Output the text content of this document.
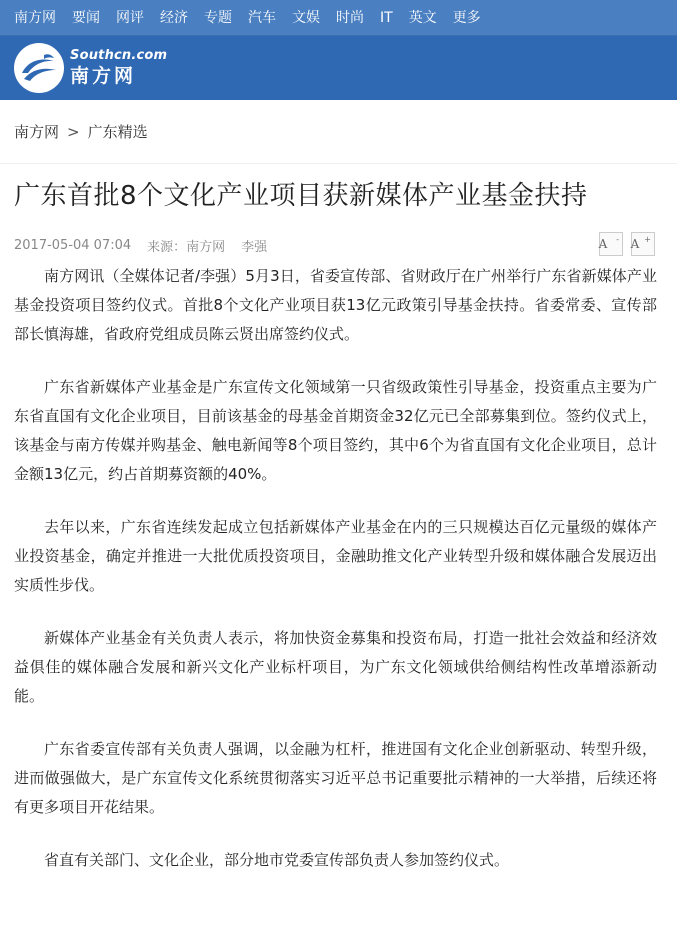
南方网	要闻	网评	经济	专题	汽车	文娱	时尚	IT	英文	更多
Southcn.com
南方网
南方网 > 广东精选
广东首批8个文化产业项目获新媒体产业基金扶持
2017-05-04 07:04 来源：南方网 李强	A - A +

南方网讯（全媒体记者/李强）5月3日，省委宣传部、省财政厅在广州举行广东省新媒体产业基金投资项目签约仪式。首批8个文化产业项目获13亿元政策引导基金扶持。省委常委、宣传部部长慎海雄，省政府党组成员陈云贤出席签约仪式。

广东省新媒体产业基金是广东宣传文化领域第一只省级政策性引导基金，投资重点主要为广东省直国有文化企业项目，目前该基金的母基金首期资金32亿元已全部募集到位。签约仪式上，该基金与南方传媒并购基金、触电新闻等8个项目签约，其中6个为省直国有文化企业项目，总计金额13亿元，约占首期募资额的40%。

去年以来，广东省连续发起成立包括新媒体产业基金在内的三只规模达百亿元量级的媒体产业投资基金，确定并推进一大批优质投资项目，金融助推文化产业转型升级和媒体融合发展迈出实质性步伐。

新媒体产业基金有关负责人表示，将加快资金募集和投资布局，打造一批社会效益和经济效益俱佳的媒体融合发展和新兴文化产业标杆项目，为广东文化领域供给侧结构性改革增添新动能。

广东省委宣传部有关负责人强调，以金融为杠杆，推进国有文化企业创新驱动、转型升级，进而做强做大，是广东宣传文化系统贯彻落实习近平总书记重要批示精神的一大举措，后续还将有更多项目开花结果。

省直有关部门、文化企业，部分地市党委宣传部负责人参加签约仪式。
